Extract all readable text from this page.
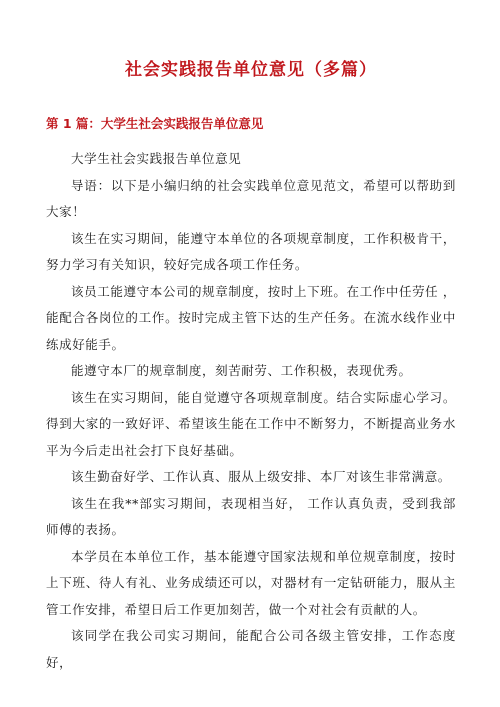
社会实践报告单位意见（多篇）
第 1 篇：大学生社会实践报告单位意见

大学生社会实践报告单位意见

导语：以下是小编归纳的社会实践单位意见范文，希望可以帮助到大家！

该生在实习期间，能遵守本单位的各项规章制度，工作积极肯干，努力学习有关知识，较好完成各项工作任务。

该员工能遵守本公司的规章制度，按时上下班。在工作中任劳任 ，能配合各岗位的工作。按时完成主管下达的生产任务。在流水线作业中练成好能手。

能遵守本厂的规章制度，刻苦耐劳、工作积极，表现优秀。

该生在实习期间，能自觉遵守各项规章制度。结合实际虚心学习。得到大家的一致好评、希望该生能在工作中不断努力，不断提高业务水平为今后走出社会打下良好基础。

该生勤奋好学、工作认真、服从上级安排、本厂对该生非常满意。

该生在我**部实习期间，表现相当好， 工作认真负责，受到我部师傅的表扬。

本学员在本单位工作，基本能遵守国家法规和单位规章制度，按时上下班、待人有礼、业务成绩还可以，对器材有一定钻研能力，服从主管工作安排，希望日后工作更加刻苦，做一个对社会有贡献的人。

该同学在我公司实习期间，能配合公司各级主管安排，工作态度好，
